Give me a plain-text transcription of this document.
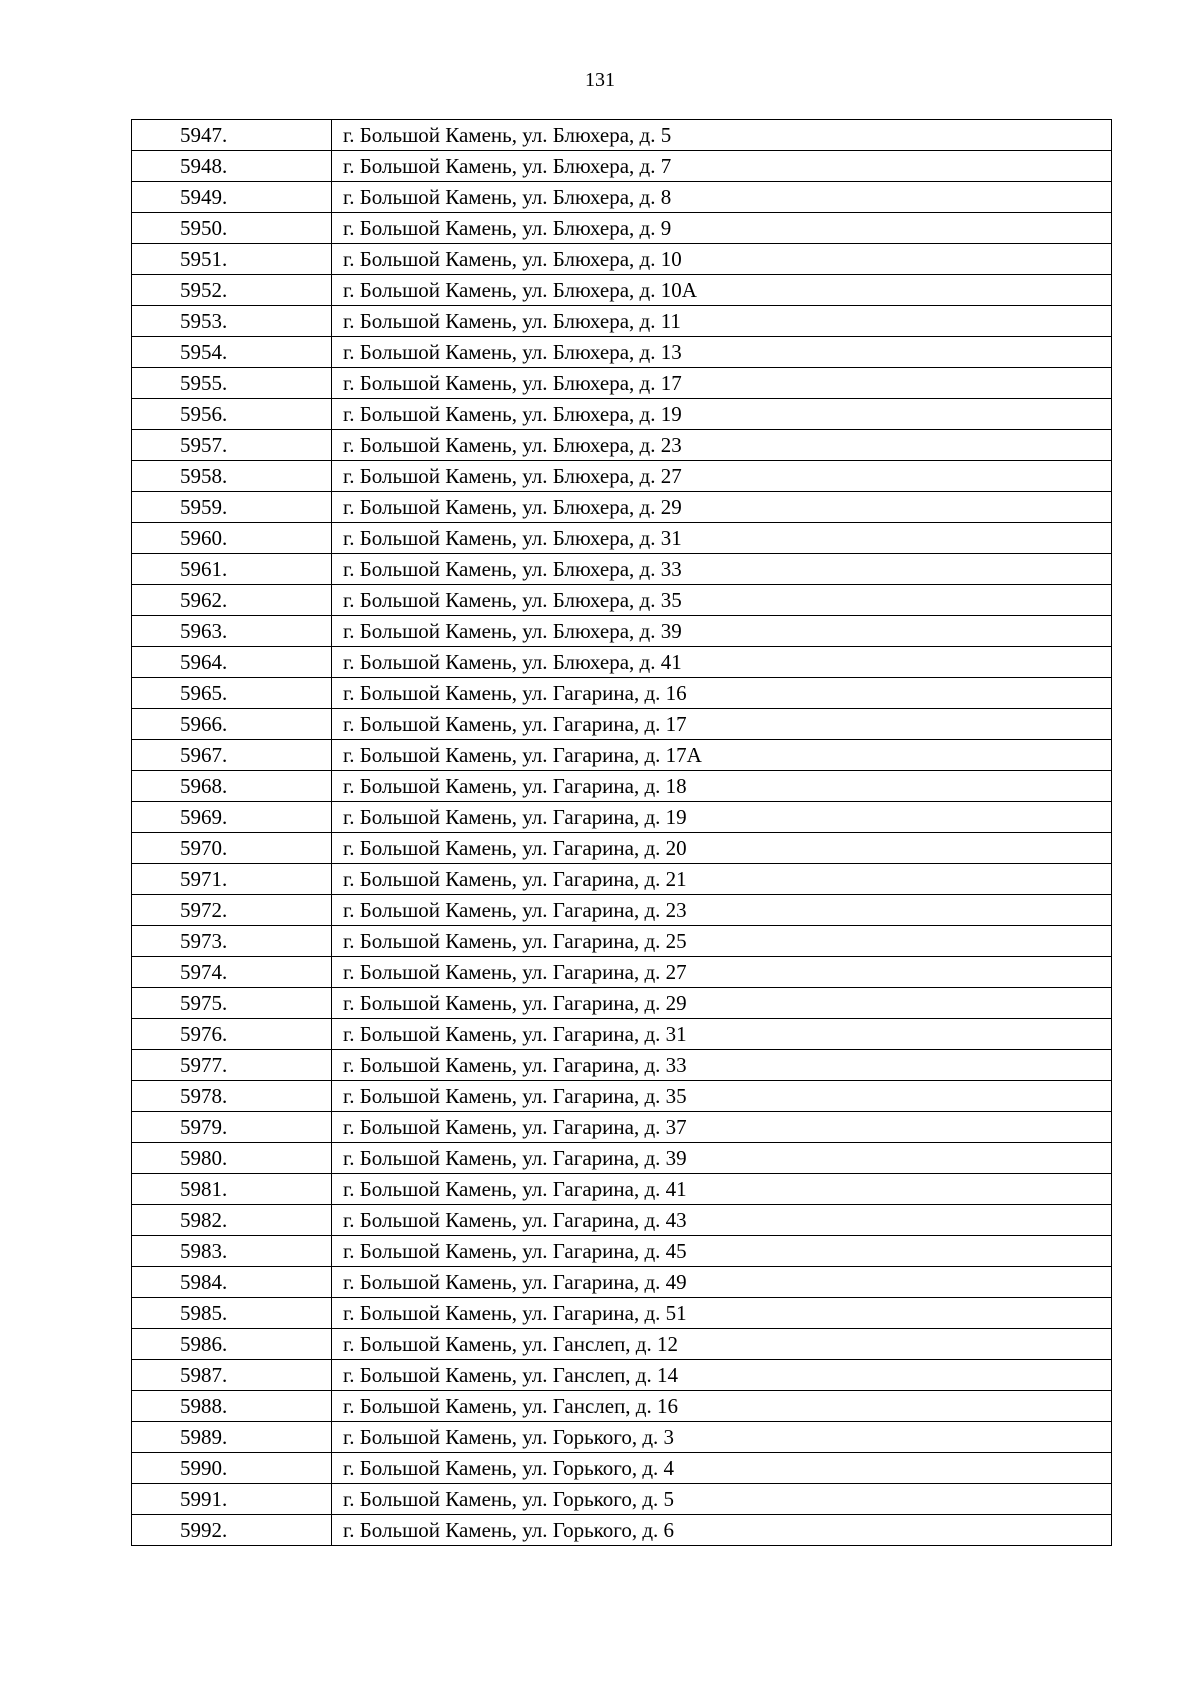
131
5947.	г. Большой Камень, ул. Блюхера, д. 5
5948.	г. Большой Камень, ул. Блюхера, д. 7
5949.	г. Большой Камень, ул. Блюхера, д. 8
5950.	г. Большой Камень, ул. Блюхера, д. 9
5951.	г. Большой Камень, ул. Блюхера, д. 10
5952.	г. Большой Камень, ул. Блюхера, д. 10А
5953.	г. Большой Камень, ул. Блюхера, д. 11
5954.	г. Большой Камень, ул. Блюхера, д. 13
5955.	г. Большой Камень, ул. Блюхера, д. 17
5956.	г. Большой Камень, ул. Блюхера, д. 19
5957.	г. Большой Камень, ул. Блюхера, д. 23
5958.	г. Большой Камень, ул. Блюхера, д. 27
5959.	г. Большой Камень, ул. Блюхера, д. 29
5960.	г. Большой Камень, ул. Блюхера, д. 31
5961.	г. Большой Камень, ул. Блюхера, д. 33
5962.	г. Большой Камень, ул. Блюхера, д. 35
5963.	г. Большой Камень, ул. Блюхера, д. 39
5964.	г. Большой Камень, ул. Блюхера, д. 41
5965.	г. Большой Камень, ул. Гагарина, д. 16
5966.	г. Большой Камень, ул. Гагарина, д. 17
5967.	г. Большой Камень, ул. Гагарина, д. 17А
5968.	г. Большой Камень, ул. Гагарина, д. 18
5969.	г. Большой Камень, ул. Гагарина, д. 19
5970.	г. Большой Камень, ул. Гагарина, д. 20
5971.	г. Большой Камень, ул. Гагарина, д. 21
5972.	г. Большой Камень, ул. Гагарина, д. 23
5973.	г. Большой Камень, ул. Гагарина, д. 25
5974.	г. Большой Камень, ул. Гагарина, д. 27
5975.	г. Большой Камень, ул. Гагарина, д. 29
5976.	г. Большой Камень, ул. Гагарина, д. 31
5977.	г. Большой Камень, ул. Гагарина, д. 33
5978.	г. Большой Камень, ул. Гагарина, д. 35
5979.	г. Большой Камень, ул. Гагарина, д. 37
5980.	г. Большой Камень, ул. Гагарина, д. 39
5981.	г. Большой Камень, ул. Гагарина, д. 41
5982.	г. Большой Камень, ул. Гагарина, д. 43
5983.	г. Большой Камень, ул. Гагарина, д. 45
5984.	г. Большой Камень, ул. Гагарина, д. 49
5985.	г. Большой Камень, ул. Гагарина, д. 51
5986.	г. Большой Камень, ул. Ганслеп, д. 12
5987.	г. Большой Камень, ул. Ганслеп, д. 14
5988.	г. Большой Камень, ул. Ганслеп, д. 16
5989.	г. Большой Камень, ул. Горького, д. 3
5990.	г. Большой Камень, ул. Горького, д. 4
5991.	г. Большой Камень, ул. Горького, д. 5
5992.	г. Большой Камень, ул. Горького, д. 6
